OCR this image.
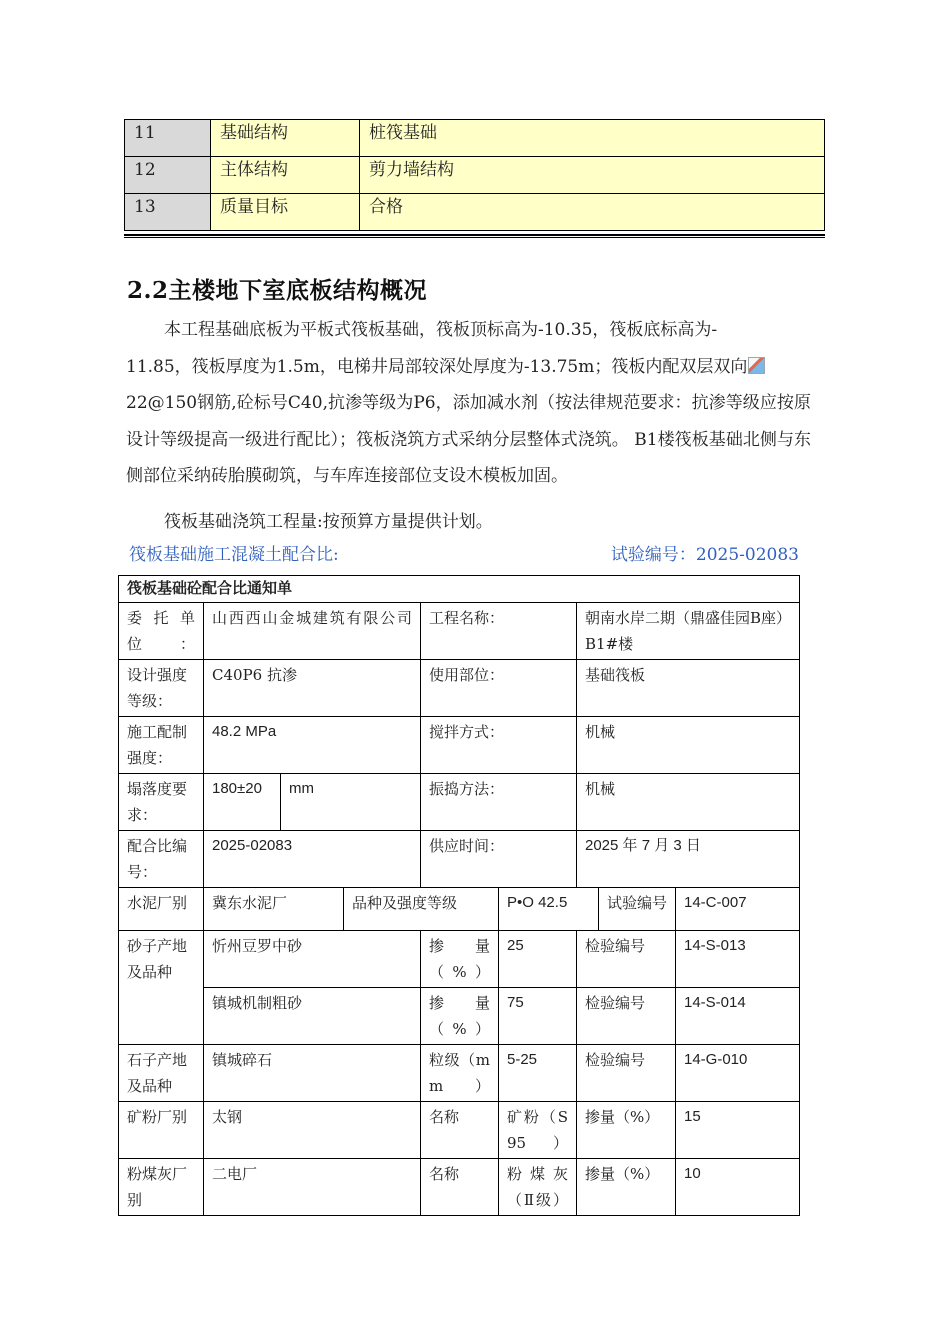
11	基础结构	桩筏基础
12	主体结构	剪力墙结构
13	质量目标	合格
2.2主楼地下室底板结构概况

本工程基础底板为平板式筏板基础，筏板顶标高为-10.35，筏板底标高为-

11.85，筏板厚度为1.5m，电梯井局部较深处厚度为-13.75m；筏板内配双层双向

22@150钢筋,砼标号C40,抗渗等级为P6，添加减水剂（按法律规范要求：抗渗等级应按原设计等级提高一级进行配比）；筏板浇筑方式采纳分层整体式浇筑。 B1楼筏板基础北侧与东侧部位采纳砖胎膜砌筑，与车库连接部位支设木模板加固。

筏板基础浇筑工程量:按预算方量提供计划。

筏板基础施工混凝土配合比:	试验编号：2025-02083
筏板基础砼配合比通知单								

委托单位：	山西西山金城建筑有限公司			工程名称：		朝南水岸二期（鼎盛佳园B座）B1#楼		
设计强度等级：	C40P6 抗渗			使用部位：		基础筏板		
施工配制强度：	48.2 MPa			搅拌方式：		机械		
塌落度要求：	180±20	mm		振捣方法：		机械		
配合比编号：	2025-02083			供应时间：		2025 年 7 月 3 日		
水泥厂别	冀东水泥厂		品种及强度等级		P•O 42.5		试验编号	14-C-007
砂子产地及品种	忻州豆罗中砂			掺量（%）	25	检验编号		14-S-013
	镇城机制粗砂			掺量（%）	75	检验编号		14-S-014
石子产地及品种	镇城碎石			粒级（mm）	5-25	检验编号		14-G-010
矿粉厂别	太钢			名称	矿粉（S95）	掺量（%）		15
粉煤灰厂别	二电厂			名称	粉煤灰（Ⅱ级）	掺量（%）		10
